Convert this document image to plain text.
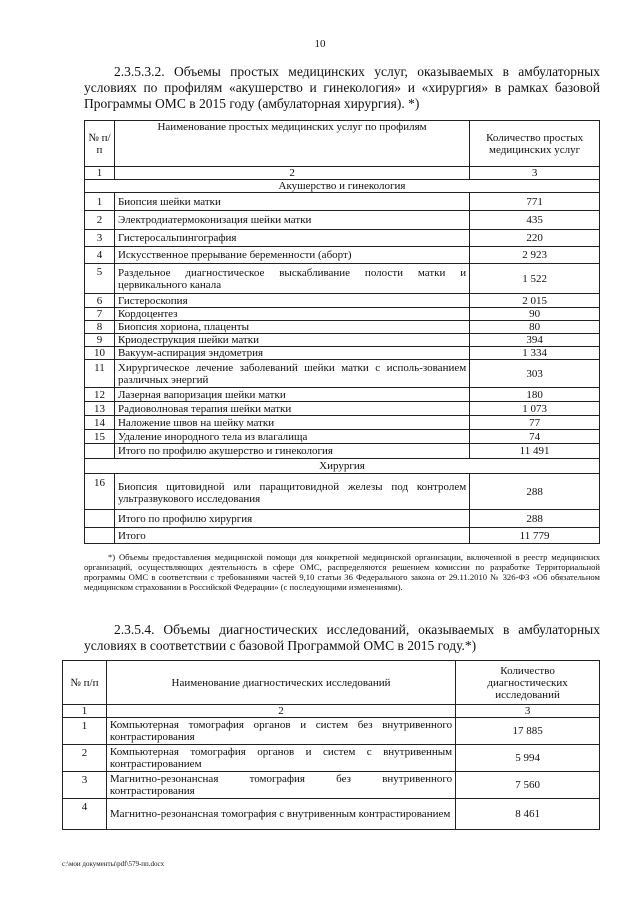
10
2.3.5.3.2. Объемы простых медицинских услуг, оказываемых в амбулаторных условиях по профилям «акушерство и гинекология» и «хирургия» в рамках базовой Программы ОМС в 2015 году (амбулаторная хирургия). *)
№ п/п	Наименование простых медицинских услуг по профилям	Количество простых медицинских услуг
1	2	3
Акушерство и гинекология		
1	Биопсия шейки матки	771
2	Электродиатермоконизация шейки матки	435
3	Гистеросальпингография	220
4	Искусственное прерывание беременности (аборт)	2 923
5	Раздельное диагностическое выскабливание полости матки и цервикального канала	1 522
6	Гистероскопия	2 015
7	Кордоцентез	90
8	Биопсия хориона, плаценты	80
9	Криодеструкция шейки матки	394
10	Вакуум-аспирация эндометрия	1 334
11	Хирургическое лечение заболеваний шейки матки с исполь-зованием различных энергий	303
12	Лазерная вапоризация шейки матки	180
13	Радиоволновая терапия шейки матки	1 073
14	Наложение швов на шейку матки	77
15	Удаление инородного тела из влагалища	74
	Итого по профилю акушерство и гинекология	11 491
Хирургия		
16	Биопсия щитовидной или паращитовидной железы под контролем ультразвукового исследования	288
	Итого по профилю хирургия	288
	Итого	11 779
*) Объемы предоставления медицинской помощи для конкретной медицинской организации, включенной в реестр медицинских организаций, осуществляющих деятельность в сфере ОМС, распределяются решением комиссии по разработке Территориальной программы ОМС в соответствии с требованиями частей 9,10 статьи 36 Федерального закона от 29.11.2010 № 326-ФЗ «Об обязательном медицинском страховании в Российской Федерации» (с последующими изменениями).
2.3.5.4. Объемы диагностических исследований, оказываемых в амбулаторных условиях в соответствии с базовой Программой ОМС в 2015 году.*)
№ п/п	Наименование диагностических исследований	Количество диагностических исследований
1	2	3
1	Компьютерная томография органов и систем без внутривенного контрастирования	17 885
2	Компьютерная томография органов и систем с внутривенным контрастированием	5 994
3	Магнитно-резонансная томография без внутривенного контрастирования	7 560
4	Магнитно-резонансная томография с внутривенным контрастированием	8 461
c:\мои документы\pdf\579-пп.docx
